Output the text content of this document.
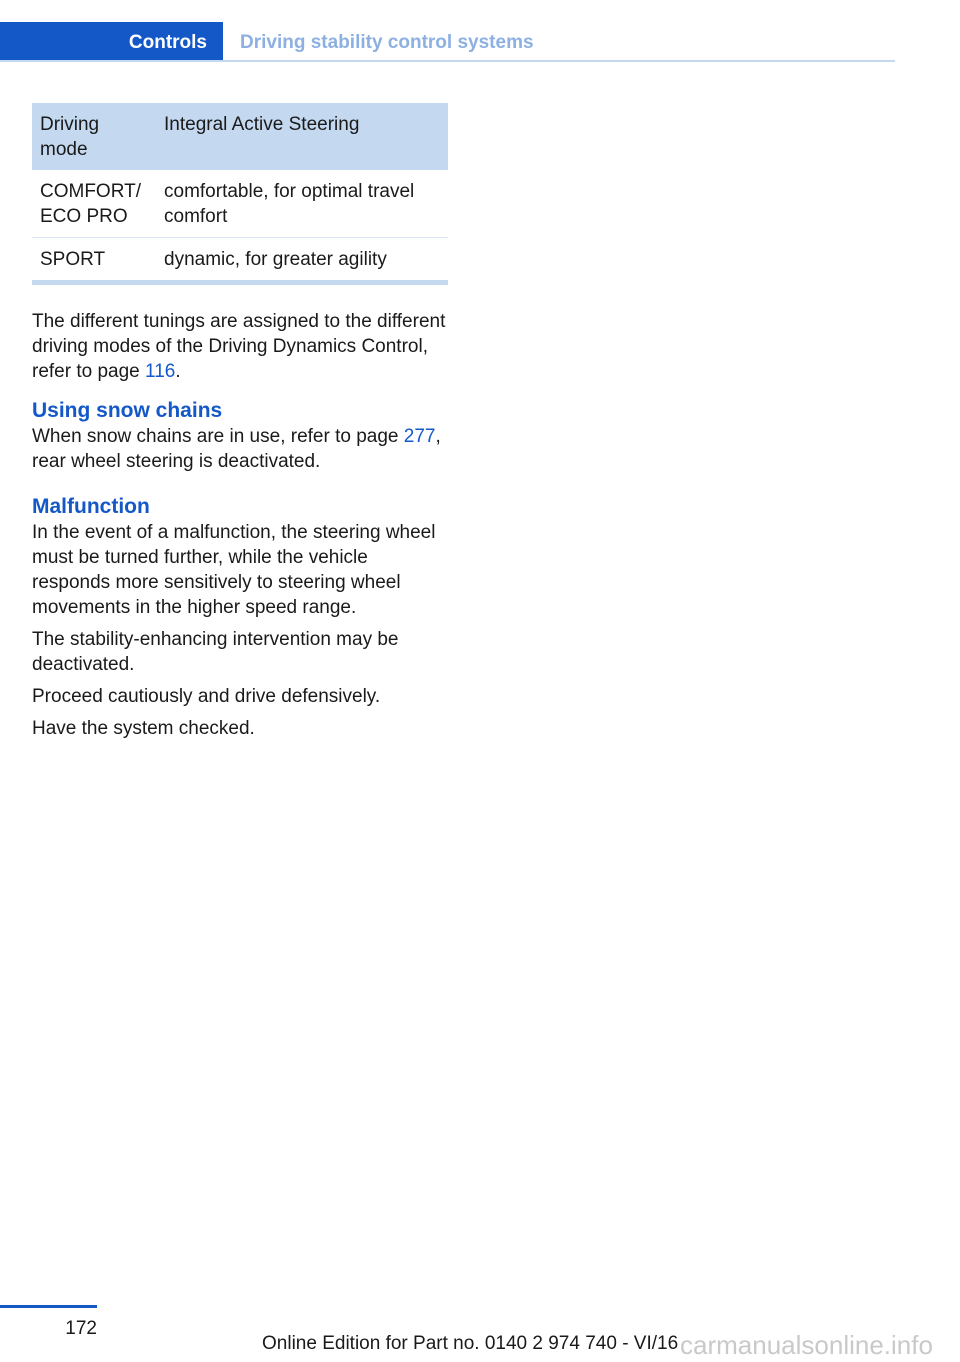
Controls	Driving stability control systems
Driving mode	Integral Active Steering
COMFORT/ ECO PRO	comfortable, for optimal travel comfort
SPORT	dynamic, for greater agility

The different tunings are assigned to the different driving modes of the Driving Dynamics Control, refer to page 116.

Using snow chains

When snow chains are in use, refer to page 277, rear wheel steering is deactivated.

Malfunction

In the event of a malfunction, the steering wheel must be turned further, while the vehicle responds more sensitively to steering wheel movements in the higher speed range.

The stability-enhancing intervention may be deactivated.

Proceed cautiously and drive defensively.

Have the system checked.

172
Online Edition for Part no. 0140 2 974 740 - VI/16 carmanualsonline.info
